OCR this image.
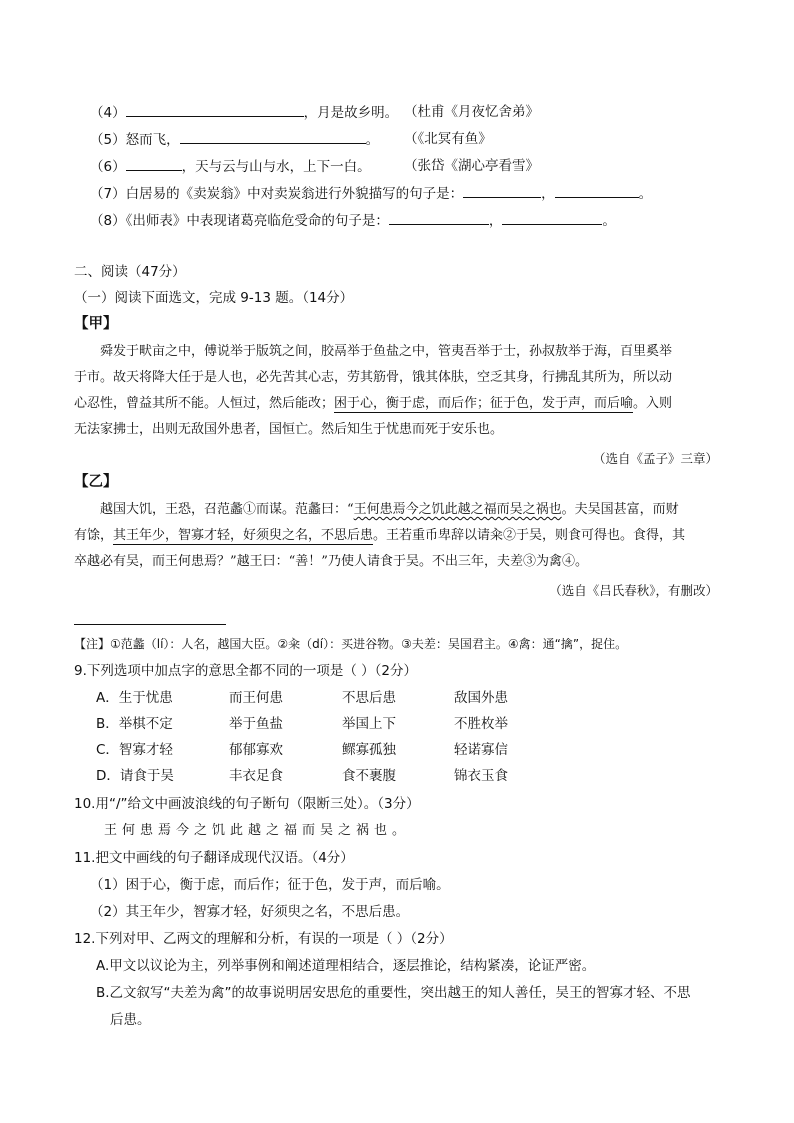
（4）	，月是故乡明。 （杜甫《月夜忆舍弟》
（5）怒而飞，	。 （《北冥有鱼》
（6）	，天与云与山与水，上下一白。 （张岱《湖心亭看雪》
（7）白居易的《卖炭翁》中对卖炭翁进行外貌描写的句子是：	，	。
（8）《出师表》中表现诸葛亮临危受命的句子是：	，	。
二、阅读（47分）
（一）阅读下面选文，完成 9-13 题。（14分）
【甲】
舜发于畎亩之中，傅说举于版筑之间，胶鬲举于鱼盐之中，管夷吾举于士，孙叔敖举于海，百里奚举
于市。故天将降大任于是人也，必先苦其心志，劳其筋骨，饿其体肤，空乏其身，行拂乱其所为，所以动
心忍性，曾益其所不能。人恒过，然后能改；困于心，衡于虑，而后作；征于色，发于声，而后喻。入则
无法家拂士，出则无敌国外患者，国恒亡。然后知生于忧患而死于安乐也。
（选自《孟子》三章）
【乙】
越国大饥，王恐，召范蠡①而谋。范蠡曰：“王何患焉今之饥此越之福而吴之祸也。夫吴国甚富，而财
有馀，其王年少，智寡才轻，好须臾之名，不思后患。王若重币卑辞以请籴②于吴，则食可得也。食得，其
卒越必有吴，而王何患焉？”越王曰：“善！”乃使人请食于吴。不出三年，夫差③为禽④。
（选自《吕氏春秋》，有删改）
【注】①范蠡（lí）：人名，越国大臣。②籴（dí）：买进谷物。③夫差：吴国君主。④禽：通“擒”，捉住。
9.下列选项中加点字的意思全都不同的一项是（ ）（2分）
A．生于忧患	而王何患	不思后患	敌国外患
B．举棋不定	举于鱼盐	举国上下	不胜枚举
C．智寡才轻	郁郁寡欢	鳏寡孤独	轻诺寡信
D．请食于吴	丰衣足食	食不裹腹	锦衣玉食
10.用“/”给文中画波浪线的句子断句（限断三处）。（3分）
王何患焉今之饥此越之福而吴之祸也。
11.把文中画线的句子翻译成现代汉语。（4分）
（1）困于心，衡于虑，而后作；征于色，发于声，而后喻。
（2）其王年少，智寡才轻，好须臾之名，不思后患。
12.下列对甲、乙两文的理解和分析，有误的一项是（ ）（2分）
A.甲文以议论为主，列举事例和阐述道理相结合，逐层推论，结构紧凑，论证严密。
B.乙文叙写“夫差为禽”的故事说明居安思危的重要性，突出越王的知人善任，吴王的智寡才轻、不思
后患。
